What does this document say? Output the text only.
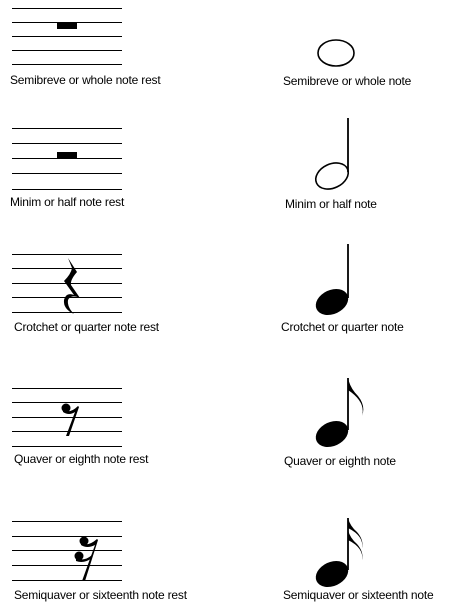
Semibreve or whole note rest	Semibreve or whole note
Minim or half note rest	Minim or half note
Crotchet or quarter note rest	Crotchet or quarter note
Quaver or eighth note rest	Quaver or eighth note
Semiquaver or sixteenth note rest	Semiquaver or sixteenth note
